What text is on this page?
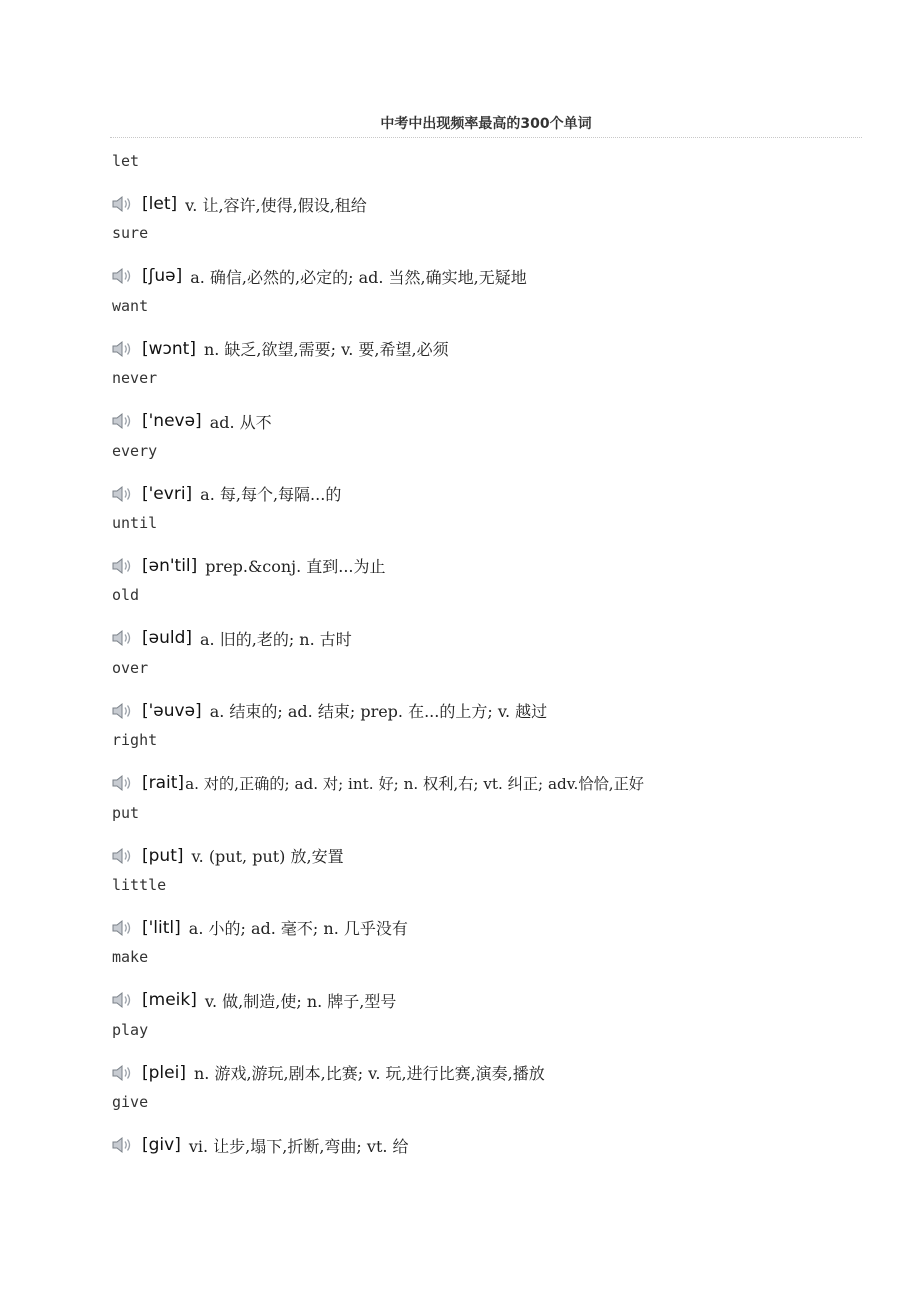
中考中出现频率最高的300个单词
let
[let] v. 让,容许,使得,假设,租给
sure
[ʃuə] a. 确信,必然的,必定的; ad. 当然,确实地,无疑地
want
[wɔnt] n. 缺乏,欲望,需要; v. 要,希望,必须
never
['nevə] ad. 从不
every
['evri] a. 每,每个,每隔...的
until
[ən'til] prep.&conj. 直到...为止
old
[əuld] a. 旧的,老的; n. 古时
over
['əuvə] a. 结束的; ad. 结束; prep. 在...的上方; v. 越过
right
[rait] a. 对的,正确的; ad. 对; int. 好; n. 权利,右; vt. 纠正; adv.恰恰,正好
put
[put] v. (put, put) 放,安置
little
['litl] a. 小的; ad. 毫不; n. 几乎没有
make
[meik] v. 做,制造,使; n. 牌子,型号
play
[plei] n. 游戏,游玩,剧本,比赛; v. 玩,进行比赛,演奏,播放
give
[giv] vi. 让步,塌下,折断,弯曲; vt. 给
